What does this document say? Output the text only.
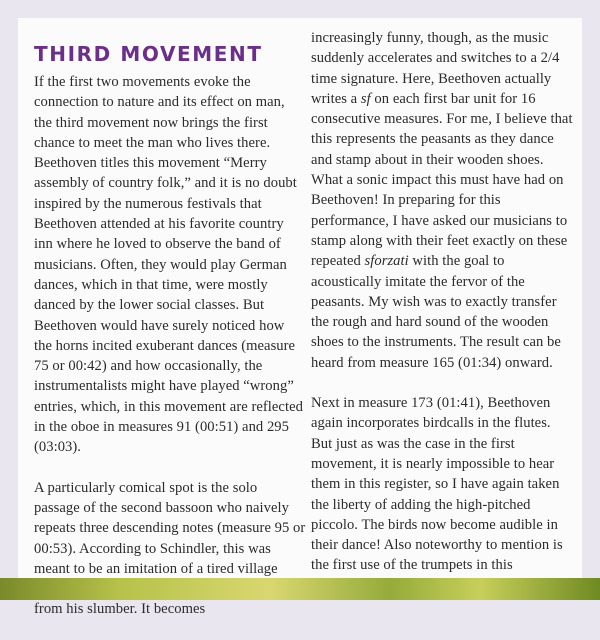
THIRD MOVEMENT

If the first two movements evoke the connection to nature and its effect on man, the third movement now brings the first chance to meet the man who lives there. Beethoven titles this movement “Merry assembly of country folk,” and it is no doubt inspired by the numerous festivals that Beethoven attended at his favorite country inn where he loved to observe the band of musicians. Often, they would play German dances, which in that time, were mostly danced by the lower social classes. But Beethoven would have surely noticed how the horns incited exuberant dances (measure 75 or 00:42) and how occasionally, the instrumentalists might have played “wrong” entries, which, in this movement are reflected in the oboe in measures 91 (00:51) and 295 (03:03).

A particularly comical spot is the solo passage of the second bassoon who naively repeats three descending notes (measure 95 or 00:53). According to Schindler, this was meant to be an imitation of a tired village from his slumber. It becomes

increasingly funny, though, as the music suddenly accelerates and switches to a 2/4 time signature. Here, Beethoven actually writes a sf on each first bar unit for 16 consecutive measures. For me, I believe that this represents the peasants as they dance and stamp about in their wooden shoes. What a sonic impact this must have had on Beethoven! In preparing for this performance, I have asked our musicians to stamp along with their feet exactly on these repeated sforzati with the goal to acoustically imitate the fervor of the peasants. My wish was to exactly transfer the rough and hard sound of the wooden shoes to the instruments. The result can be heard from measure 165 (01:34) onward.

Next in measure 173 (01:41), Beethoven again incorporates birdcalls in the flutes. But just as was the case in the first movement, it is nearly impossible to hear them in this register, so I have again taken the liberty of adding the high-pitched piccolo. The birds now become audible in their dance! Also noteworthy to mention is the first use of the trumpets in this
